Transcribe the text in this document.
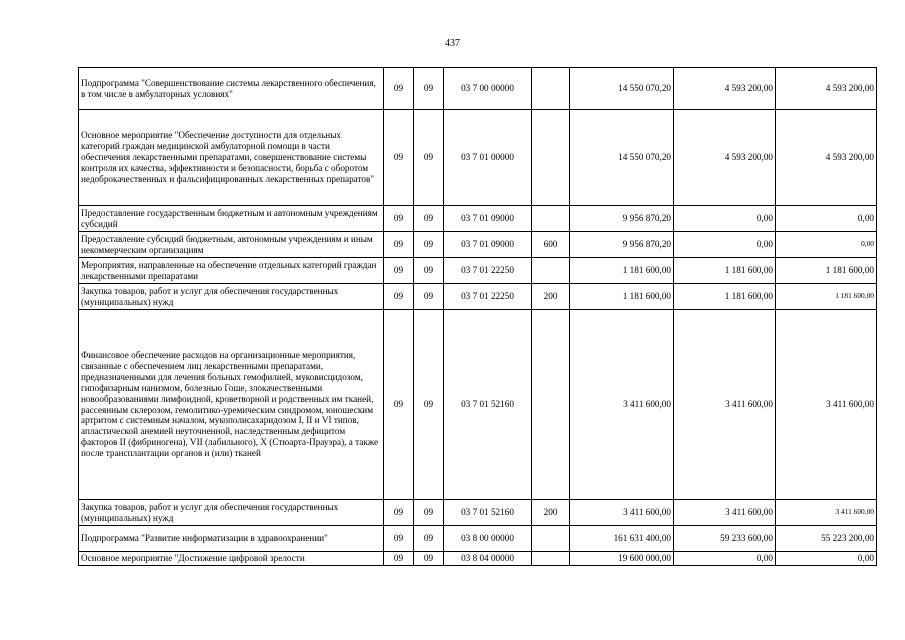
437
Подпрограмма "Совершенствование системы лекарственного обеспечения, в том числе в амбулаторных условиях"	09	09	03 7 00 00000		14 550 070,20	4 593 200,00	4 593 200,00
Основное мероприятие "Обеспечение доступности для отдельных категорий граждан медицинской амбулаторной помощи в части обеспечения лекарственными препаратами, совершенствование системы контроля их качества, эффективности и безопасности, борьба с оборотом недоброкачественных и фальсифицированных лекарственных препаратов"	09	09	03 7 01 00000		14 550 070,20	4 593 200,00	4 593 200,00
Предоставление государственным бюджетным и автономным учреждениям субсидий	09	09	03 7 01 09000		9 956 870,20	0,00	0,00
Предоставление субсидий бюджетным, автономным учреждениям и иным некоммерческим организациям	09	09	03 7 01 09000	600	9 956 870,20	0,00	0,00
Мероприятия, направленные на обеспечение отдельных категорий граждан лекарственными препаратами	09	09	03 7 01 22250		1 181 600,00	1 181 600,00	1 181 600,00
Закупка товаров, работ и услуг для обеспечения государственных (муниципальных) нужд	09	09	03 7 01 22250	200	1 181 600,00	1 181 600,00	1 181 600,00
Финансовое обеспечение расходов на организационные мероприятия, связанные с обеспечением лиц лекарственными препаратами, предназначенными для лечения больных гемофилией, муковисцидозом, гипофизарным нанизмом, болезнью Гоше, злокачественными новообразованиями лимфоидной, кроветворной и родственных им тканей, рассеянным склерозом, гемолитико-уремическим синдромом, юношеским артритом с системным началом, мукополисахаридозом I, II и VI типов, апластической анемией неуточненной, наследственным дефицитом факторов II (фибриногена), VII (лабильного), X (Стюарта-Прауэра), а также после трансплантации органов и (или) тканей	09	09	03 7 01 52160		3 411 600,00	3 411 600,00	3 411 600,00
Закупка товаров, работ и услуг для обеспечения государственных (муниципальных) нужд	09	09	03 7 01 52160	200	3 411 600,00	3 411 600,00	3 411 600,00
Подпрограмма "Развитие информатизации в здравоохранении"	09	09	03 8 00 00000		161 631 400,00	59 233 600,00	55 223 200,00
Основное мероприятие "Достижение цифровой зрелости	09	09	03 8 04 00000		19 600 000,00	0,00	0,00
